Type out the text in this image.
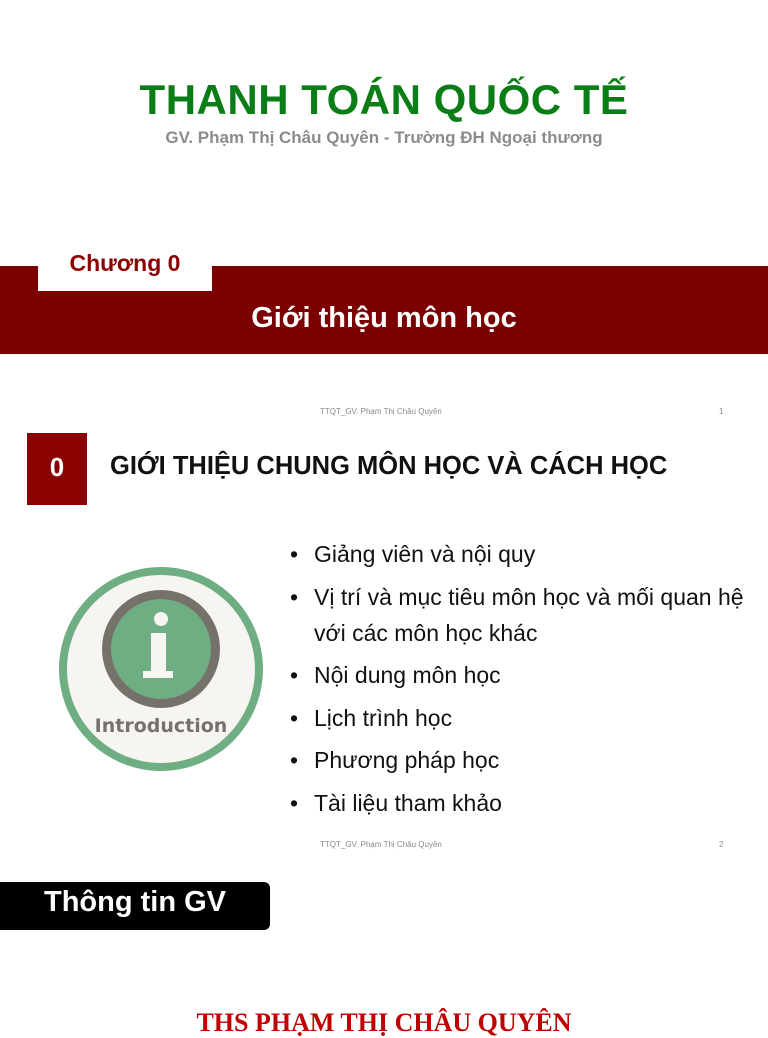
THANH TOÁN QUỐC TẾ
GV. Phạm Thị Châu Quyên - Trường ĐH Ngoại thương
Chương 0
Giới thiệu môn học
TTQT_GV. Phạm Thị Châu Quyên	1
0	GIỚI THIỆU CHUNG MÔN HỌC VÀ CÁCH HỌC
Introduction
• Giảng viên và nội quy
• Vị trí và mục tiêu môn học và mối quan hệ với các môn học khác
• Nội dung môn học
• Lịch trình học
• Phương pháp học
• Tài liệu tham khảo
TTQT_GV. Phạm Thị Châu Quyên	2
Thông tin GV
THS PHẠM THỊ CHÂU QUYÊN
